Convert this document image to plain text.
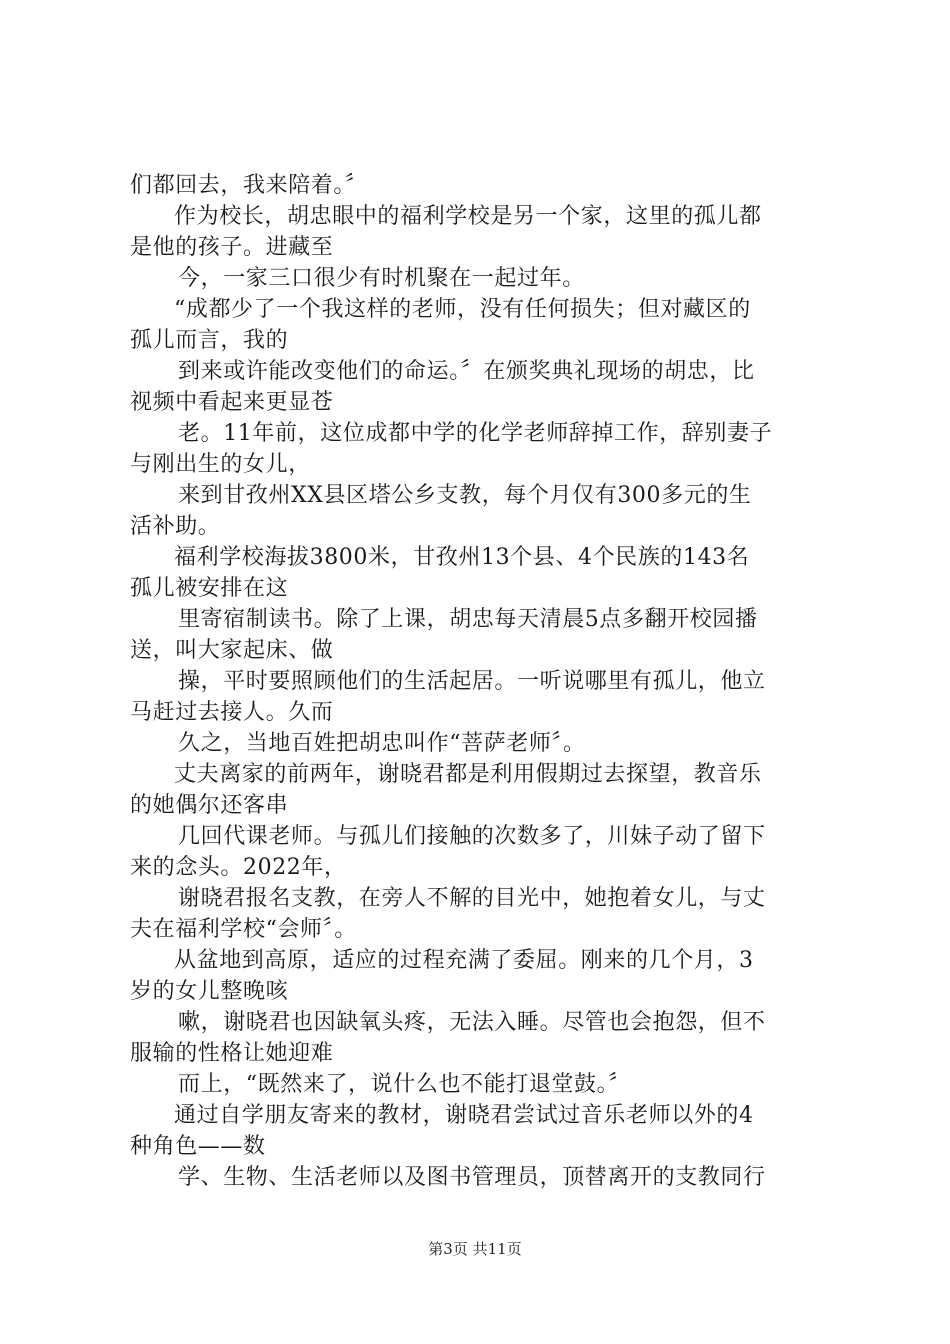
们都回去，我来陪着。〞
作为校长，胡忠眼中的福利学校是另一个家，这里的孤儿都
是他的孩子。进藏至
今，一家三口很少有时机聚在一起过年。
“成都少了一个我这样的老师，没有任何损失；但对藏区的
孤儿而言，我的
到来或许能改变他们的命运。〞在颁奖典礼现场的胡忠，比
视频中看起来更显苍
老。11年前，这位成都中学的化学老师辞掉工作，辞别妻子
与刚出生的女儿，
来到甘孜州XX县区塔公乡支教，每个月仅有300多元的生
活补助。
福利学校海拔3800米，甘孜州13个县、4个民族的143名
孤儿被安排在这
里寄宿制读书。除了上课，胡忠每天清晨5点多翻开校园播
送，叫大家起床、做
操，平时要照顾他们的生活起居。一听说哪里有孤儿，他立
马赶过去接人。久而
久之，当地百姓把胡忠叫作“菩萨老师〞。
丈夫离家的前两年，谢晓君都是利用假期过去探望，教音乐
的她偶尔还客串
几回代课老师。与孤儿们接触的次数多了，川妹子动了留下
来的念头。2022年，
谢晓君报名支教，在旁人不解的目光中，她抱着女儿，与丈
夫在福利学校“会师〞。
从盆地到高原，适应的过程充满了委屈。刚来的几个月，3
岁的女儿整晚咳
嗽，谢晓君也因缺氧头疼，无法入睡。尽管也会抱怨，但不
服输的性格让她迎难
而上，“既然来了，说什么也不能打退堂鼓。〞
通过自学朋友寄来的教材，谢晓君尝试过音乐老师以外的4
种角色——数
学、生物、生活老师以及图书管理员，顶替离开的支教同行
第3页 共11页
